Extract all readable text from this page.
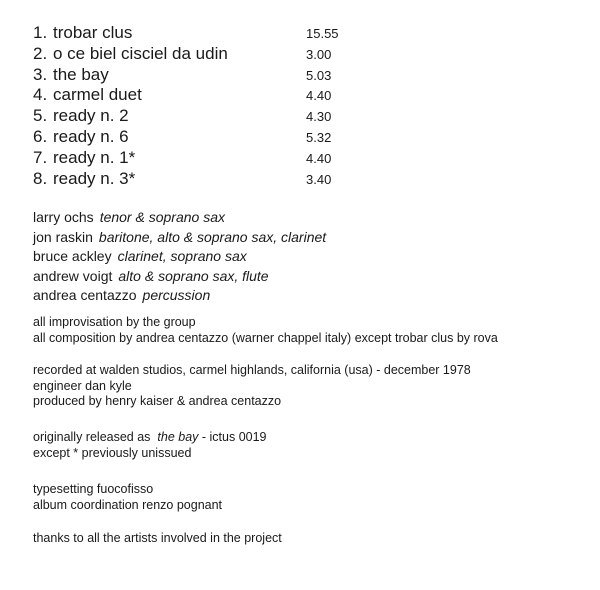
1. trobar clus	15.55
2. o ce biel cisciel da udin	3.00
3. the bay	5.03
4. carmel duet	4.40
5. ready n. 2	4.30
6. ready n. 6	5.32
7. ready n. 1*	4.40
8. ready n. 3*	3.40
larry ochs tenor & soprano sax
jon raskin baritone, alto & soprano sax, clarinet
bruce ackley clarinet, soprano sax
andrew voigt alto & soprano sax, flute
andrea centazzo percussion
all improvisation by the group
all composition by andrea centazzo (warner chappel italy) except trobar clus by rova
recorded at walden studios, carmel highlands, california (usa) - december 1978
engineer dan kyle
produced by henry kaiser & andrea centazzo
originally released as the bay - ictus 0019
except * previously unissued
typesetting fuocofisso
album coordination renzo pognant
thanks to all the artists involved in the project
